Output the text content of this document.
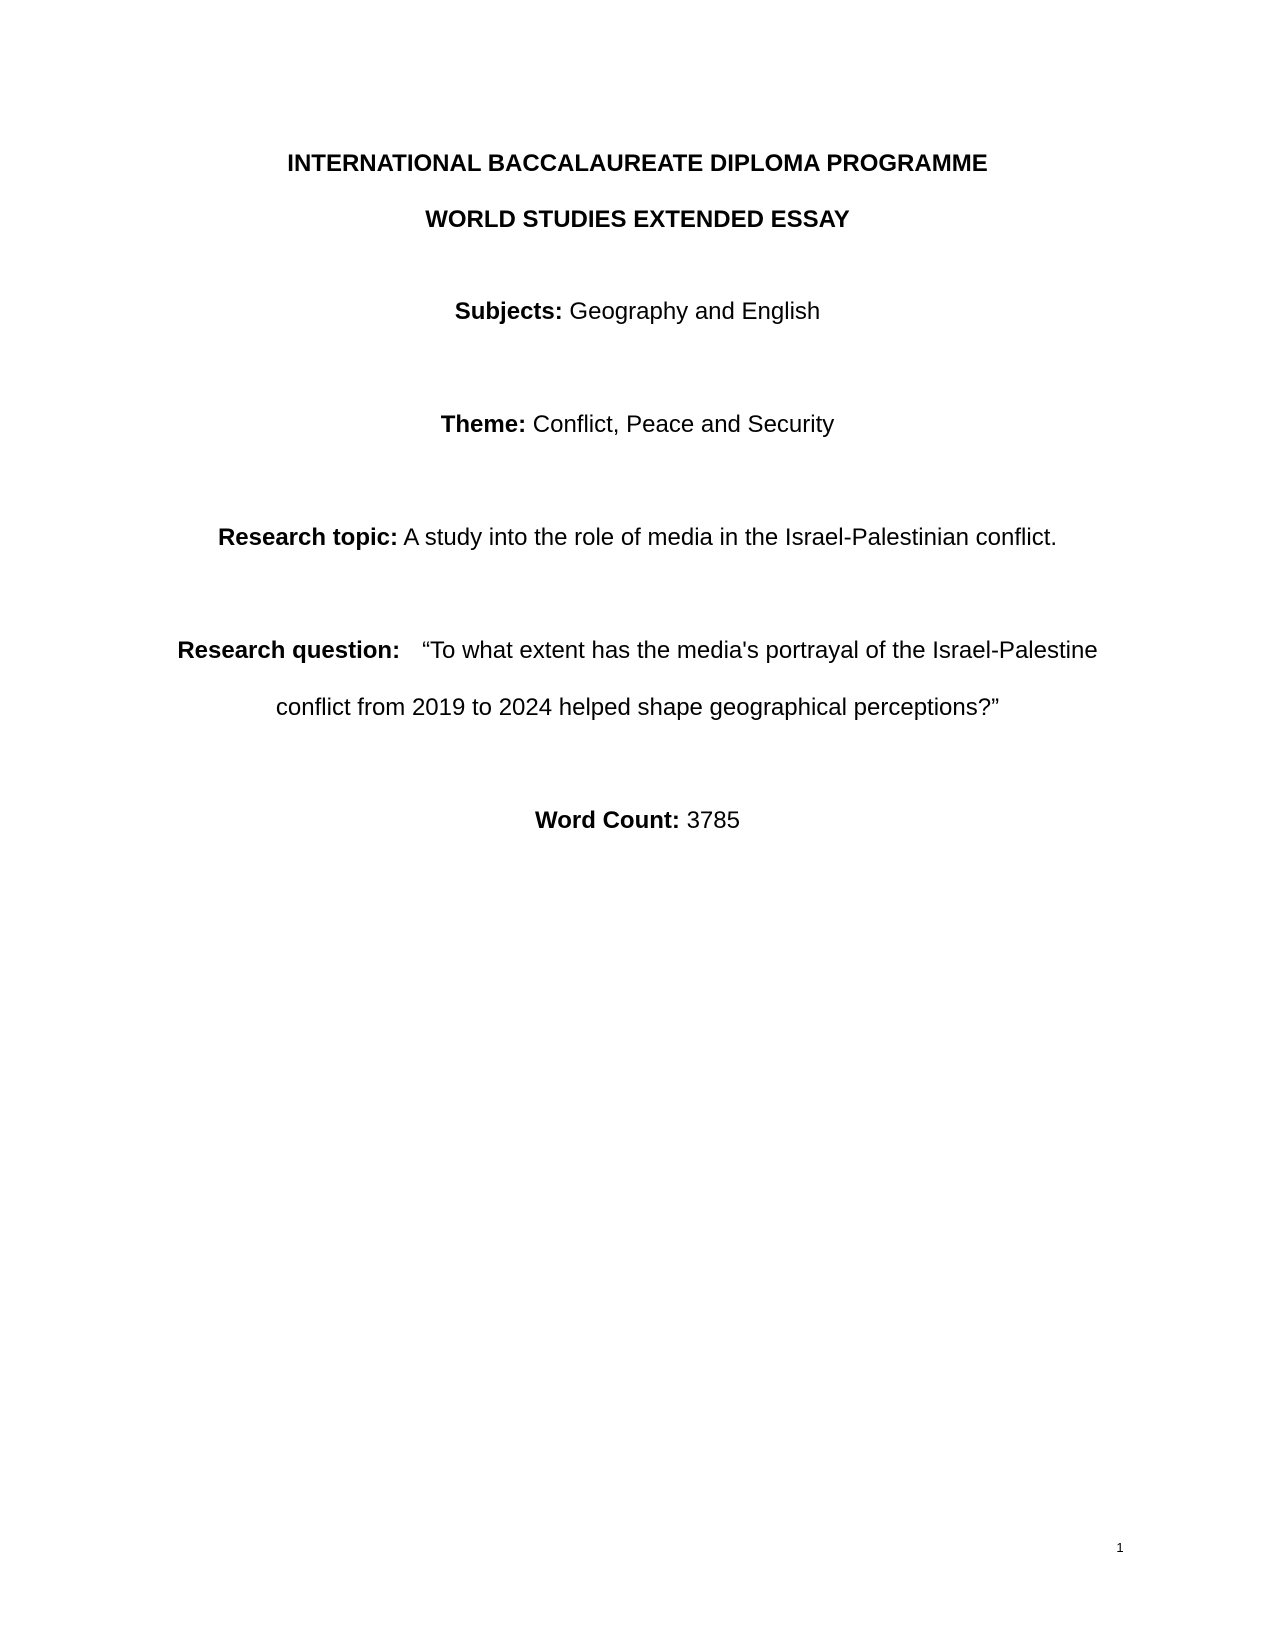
INTERNATIONAL BACCALAUREATE DIPLOMA PROGRAMME
WORLD STUDIES EXTENDED ESSAY
Subjects: Geography and English
Theme: Conflict, Peace and Security
Research topic: A study into the role of media in the Israel-Palestinian conflict.
Research question: “To what extent has the media's portrayal of the Israel-Palestine
conflict from 2019 to 2024 helped shape geographical perceptions?”
Word Count: 3785
1
